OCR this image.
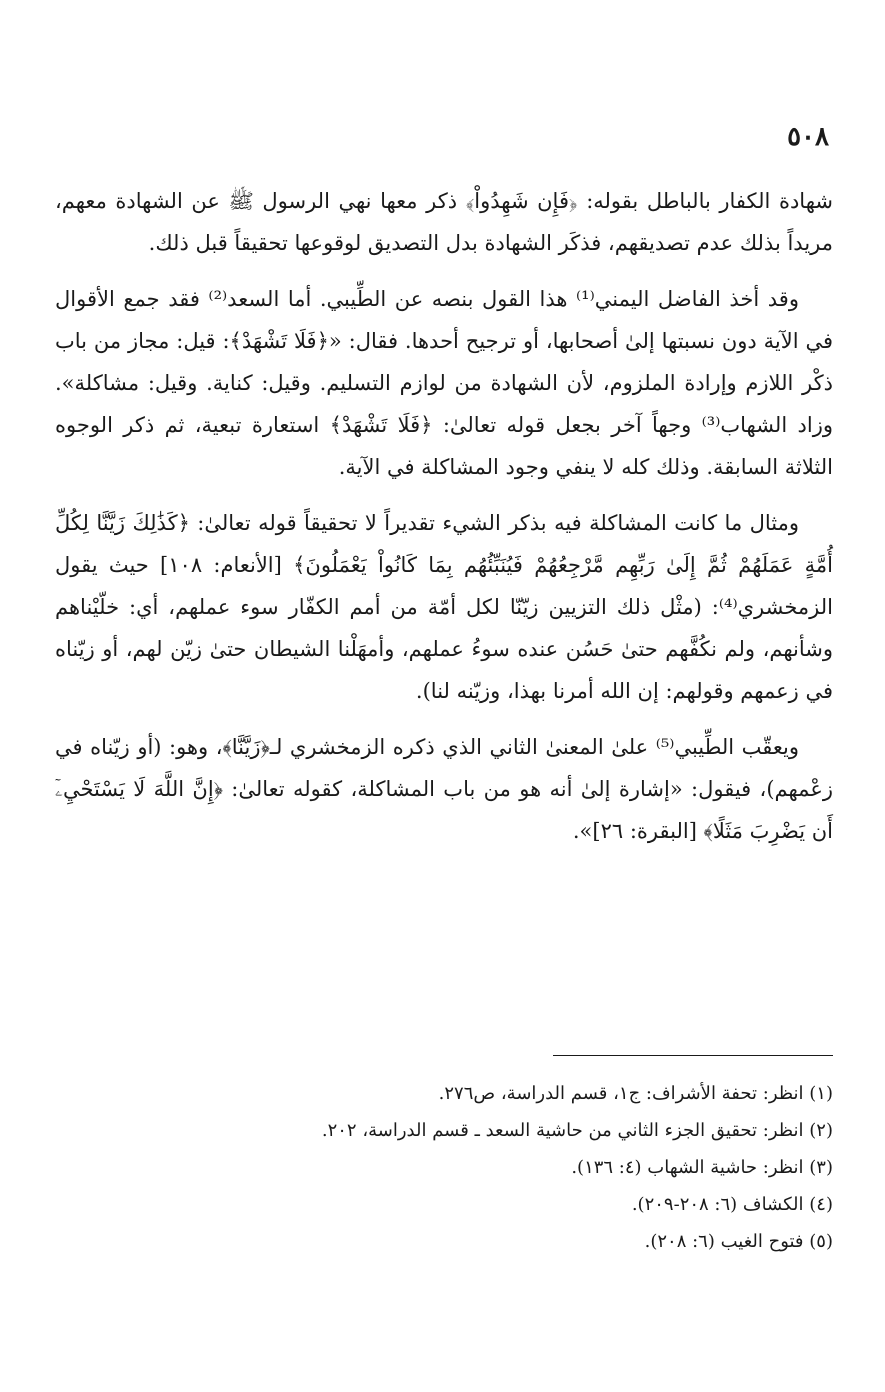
٥٠٨

شهادة الكفار بالباطل بقوله: ﴿فَإِن شَهِدُواْ﴾ ذكر معها نهي الرسول ﷺ عن الشهادة معهم، مريداً بذلك عدم تصديقهم، فذكَر الشهادة بدل التصديق لوقوعها تحقيقاً قبل ذلك.

وقد أخذ الفاضل اليمني⁽¹⁾ هذا القول بنصه عن الطِّيبي. أما السعد⁽²⁾ فقد جمع الأقوال في الآية دون نسبتها إلىٰ أصحابها، أو ترجيح أحدها. فقال: «﴿فَلَا تَشْهَدْ﴾: قيل: مجاز من باب ذكْر اللازم وإرادة الملزوم، لأن الشهادة من لوازم التسليم. وقيل: كناية. وقيل: مشاكلة». وزاد الشهاب⁽³⁾ وجهاً آخر بجعل قوله تعالىٰ: ﴿فَلَا تَشْهَدْ﴾ استعارة تبعية، ثم ذكر الوجوه الثلاثة السابقة. وذلك كله لا ينفي وجود المشاكلة في الآية.

ومثال ما كانت المشاكلة فيه بذكر الشيء تقديراً لا تحقيقاً قوله تعالىٰ: ﴿كَذَٰلِكَ زَيَّنَّا لِكُلِّ أُمَّةٍ عَمَلَهُمْ ثُمَّ إِلَىٰ رَبِّهِم مَّرْجِعُهُمْ فَيُنَبِّئُهُم بِمَا كَانُواْ يَعْمَلُونَ﴾ [الأنعام: ١٠٨] حيث يقول الزمخشري⁽⁴⁾: (مثْل ذلك التزيين زيّنّا لكل أمّة من أمم الكفّار سوء عملهم، أي: خلّيْناهم وشأنهم، ولم نكُفَّهم حتىٰ حَسُن عنده سوءُ عملهم، وأمهَلْنا الشيطان حتىٰ زيّن لهم، أو زيّناه في زعمهم وقولهم: إن الله أمرنا بهذا، وزيّنه لنا).

ويعقّب الطِّيبي⁽⁵⁾ علىٰ المعنىٰ الثاني الذي ذكره الزمخشري لـ﴿زَيَّنَّا﴾، وهو: (أو زيّناه في زعْمهم)، فيقول: «إشارة إلىٰ أنه هو من باب المشاكلة، كقوله تعالىٰ: ﴿إِنَّ اللَّهَ لَا يَسْتَحْيِۦٓ أَن يَضْرِبَ مَثَلًا﴾ [البقرة: ٢٦]».

(١) انظر: تحفة الأشراف: ج١، قسم الدراسة، ص٢٧٦.

(٢) انظر: تحقيق الجزء الثاني من حاشية السعد ـ قسم الدراسة، ٢٠٢.

(٣) انظر: حاشية الشهاب (٤: ١٣٦).

(٤) الكشاف (٦: ٢٠٨-٢٠٩).

(٥) فتوح الغيب (٦: ٢٠٨).
